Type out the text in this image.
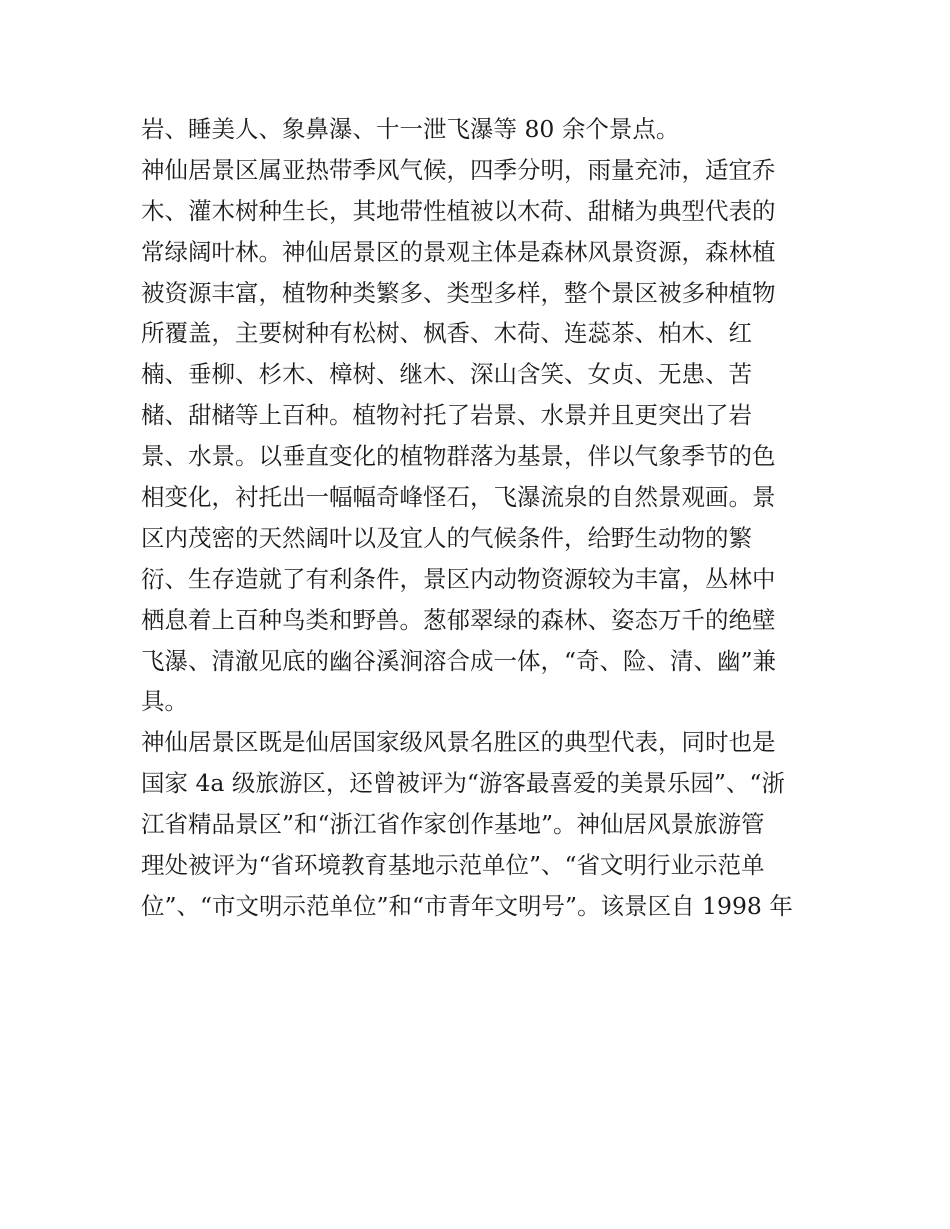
岩、睡美人、象鼻瀑、十一泄飞瀑等 80 余个景点。
神仙居景区属亚热带季风气候，四季分明，雨量充沛，适宜乔
木、灌木树种生长，其地带性植被以木荷、甜槠为典型代表的
常绿阔叶林。神仙居景区的景观主体是森林风景资源，森林植
被资源丰富，植物种类繁多、类型多样，整个景区被多种植物
所覆盖，主要树种有松树、枫香、木荷、连蕊茶、柏木、红
楠、垂柳、杉木、樟树、继木、深山含笑、女贞、无患、苦
槠、甜槠等上百种。植物衬托了岩景、水景并且更突出了岩
景、水景。以垂直变化的植物群落为基景，伴以气象季节的色
相变化，衬托出一幅幅奇峰怪石，飞瀑流泉的自然景观画。景
区内茂密的天然阔叶以及宜人的气候条件，给野生动物的繁
衍、生存造就了有利条件，景区内动物资源较为丰富，丛林中
栖息着上百种鸟类和野兽。葱郁翠绿的森林、姿态万千的绝壁
飞瀑、清澈见底的幽谷溪涧溶合成一体，“奇、险、清、幽”兼
具。
神仙居景区既是仙居国家级风景名胜区的典型代表，同时也是
国家 4a 级旅游区，还曾被评为“游客最喜爱的美景乐园”、“浙
江省精品景区”和“浙江省作家创作基地”。神仙居风景旅游管
理处被评为“省环境教育基地示范单位”、“省文明行业示范单
位”、“市文明示范单位”和“市青年文明号”。该景区自 1998 年
